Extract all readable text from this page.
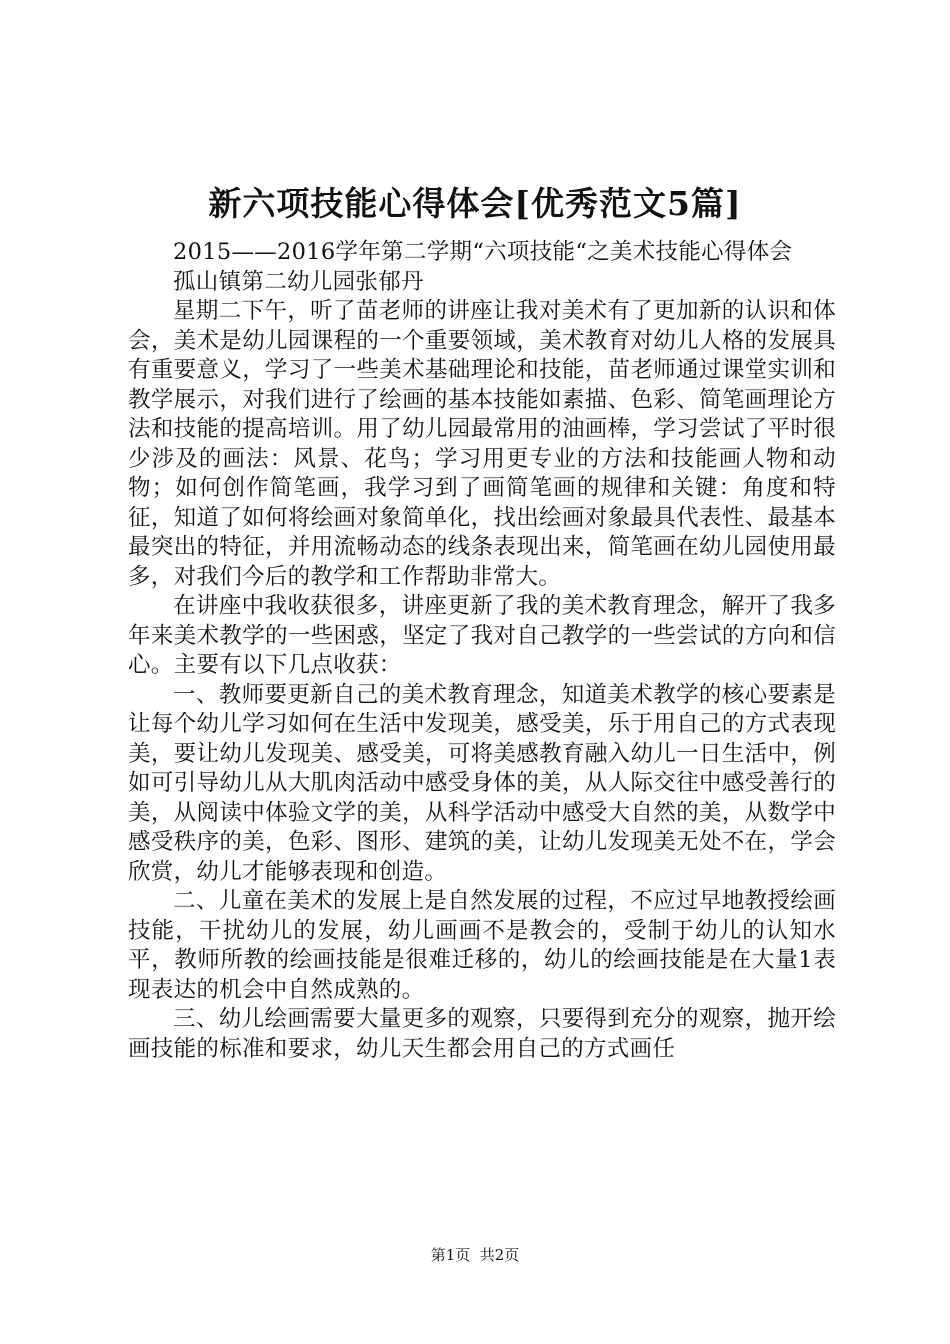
新六项技能心得体会[优秀范文5篇]

2015——2016学年第二学期“六项技能“之美术技能心得体会

孤山镇第二幼儿园张郁丹

星期二下午，听了苗老师的讲座让我对美术有了更加新的认识和体会，美术是幼儿园课程的一个重要领域，美术教育对幼儿人格的发展具有重要意义，学习了一些美术基础理论和技能，苗老师通过课堂实训和教学展示，对我们进行了绘画的基本技能如素描、色彩、简笔画理论方法和技能的提高培训。用了幼儿园最常用的油画棒，学习尝试了平时很少涉及的画法：风景、花鸟；学习用更专业的方法和技能画人物和动物；如何创作简笔画，我学习到了画简笔画的规律和关键：角度和特征，知道了如何将绘画对象简单化，找出绘画对象最具代表性、最基本最突出的特征，并用流畅动态的线条表现出来，简笔画在幼儿园使用最多，对我们今后的教学和工作帮助非常大。

在讲座中我收获很多，讲座更新了我的美术教育理念，解开了我多年来美术教学的一些困惑，坚定了我对自己教学的一些尝试的方向和信心。主要有以下几点收获：

一、教师要更新自己的美术教育理念，知道美术教学的核心要素是让每个幼儿学习如何在生活中发现美，感受美，乐于用自己的方式表现美，要让幼儿发现美、感受美，可将美感教育融入幼儿一日生活中，例如可引导幼儿从大肌肉活动中感受身体的美，从人际交往中感受善行的美，从阅读中体验文学的美，从科学活动中感受大自然的美，从数学中感受秩序的美，色彩、图形、建筑的美，让幼儿发现美无处不在，学会欣赏，幼儿才能够表现和创造。

二、儿童在美术的发展上是自然发展的过程，不应过早地教授绘画技能，干扰幼儿的发展，幼儿画画不是教会的，受制于幼儿的认知水平，教师所教的绘画技能是很难迁移的，幼儿的绘画技能是在大量1表现表达的机会中自然成熟的。

三、幼儿绘画需要大量更多的观察，只要得到充分的观察，抛开绘画技能的标准和要求，幼儿天生都会用自己的方式画任

第1页  共2页
